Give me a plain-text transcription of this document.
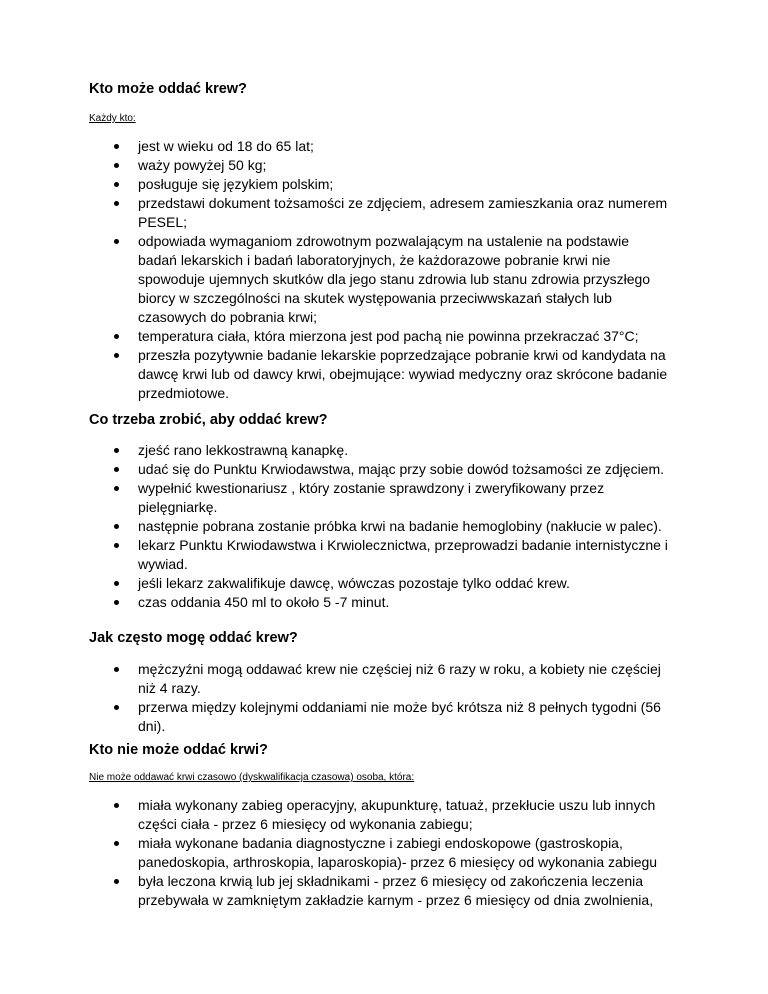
Kto może oddać krew?

Każdy kto:

jest w wieku od 18 do 65 lat;
waży powyżej 50 kg;
posługuje się językiem polskim;
przedstawi dokument tożsamości ze zdjęciem, adresem zamieszkania oraz numerem
PESEL;
odpowiada wymaganiom zdrowotnym pozwalającym na ustalenie na podstawie
badań lekarskich i badań laboratoryjnych, że każdorazowe pobranie krwi nie
spowoduje ujemnych skutków dla jego stanu zdrowia lub stanu zdrowia przyszłego
biorcy w szczególności na skutek występowania przeciwwskazań stałych lub
czasowych do pobrania krwi;
temperatura ciała, która mierzona jest pod pachą nie powinna przekraczać 37°C;
przeszła pozytywnie badanie lekarskie poprzedzające pobranie krwi od kandydata na
dawcę krwi lub od dawcy krwi, obejmujące: wywiad medyczny oraz skrócone badanie
przedmiotowe.
Co trzeba zrobić, aby oddać krew?
zjeść rano lekkostrawną kanapkę.
udać się do Punktu Krwiodawstwa, mając przy sobie dowód tożsamości ze zdjęciem.
wypełnić kwestionariusz , który zostanie sprawdzony i zweryfikowany przez
pielęgniarkę.
następnie pobrana zostanie próbka krwi na badanie hemoglobiny (nakłucie w palec).
lekarz Punktu Krwiodawstwa i Krwiolecznictwa, przeprowadzi badanie internistyczne i
wywiad.
jeśli lekarz zakwalifikuje dawcę, wówczas pozostaje tylko oddać krew.
czas oddania 450 ml to około 5 -7 minut.
Jak często mogę oddać krew?
mężczyźni mogą oddawać krew nie częściej niż 6 razy w roku, a kobiety nie częściej
niż 4 razy.
przerwa między kolejnymi oddaniami nie może być krótsza niż 8 pełnych tygodni (56
dni).
Kto nie może oddać krwi?

Nie może oddawać krwi czasowo (dyskwalifikacja czasowa) osoba, która:

miała wykonany zabieg operacyjny, akupunkturę, tatuaż, przekłucie uszu lub innych
części ciała - przez 6 miesięcy od wykonania zabiegu;
miała wykonane badania diagnostyczne i zabiegi endoskopowe (gastroskopia,
panedoskopia, arthroskopia, laparoskopia)- przez 6 miesięcy od wykonania zabiegu
była leczona krwią lub jej składnikami - przez 6 miesięcy od zakończenia leczenia
przebywała w zamkniętym zakładzie karnym - przez 6 miesięcy od dnia zwolnienia,
